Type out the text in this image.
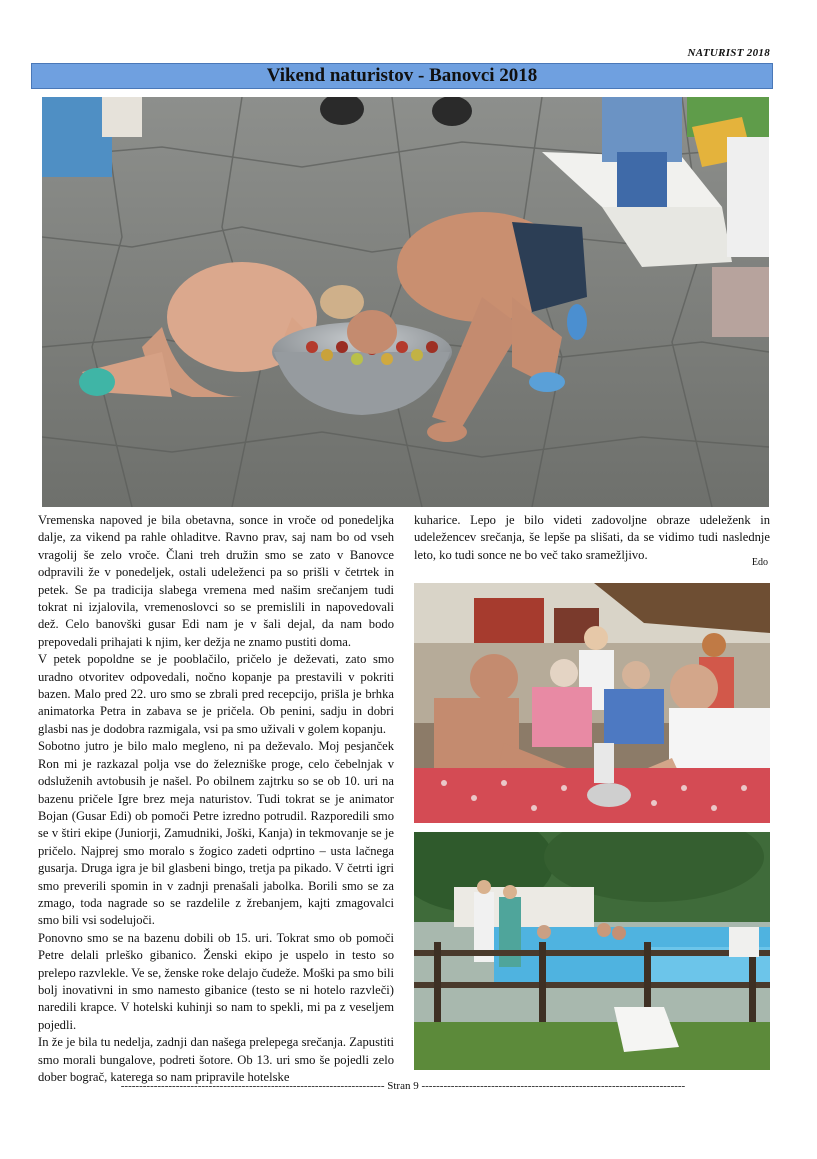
NATURIST 2018
Vikend naturistov - Banovci 2018

Vremenska napoved je bila obetavna, sonce in vroče od ponedeljka dalje, za vikend pa rahle ohladitve. Ravno prav, saj nam bo od vseh vragolij še zelo vroče. Člani treh družin smo se zato v Banovce odpravili že v ponedeljek, ostali udeleženci pa so prišli v četrtek in petek. Se pa tradicija slabega vremena med našim srečanjem tudi tokrat ni izjalovila, vremenoslovci so se premislili in napovedovali dež. Celo banovški gusar Edi nam je v šali dejal, da nam bodo prepovedali prihajati k njim, ker dežja ne znamo pustiti doma.

V petek popoldne se je pooblačilo, pričelo je deževati, zato smo uradno otvoritev odpovedali, nočno kopanje pa prestavili v pokriti bazen. Malo pred 22. uro smo se zbrali pred recepcijo, prišla je brhka animatorka Petra in zabava se je pričela. Ob penini, sadju in dobri glasbi nas je dodobra razmigala, vsi pa smo uživali v golem kopanju.

Sobotno jutro je bilo malo megleno, ni pa deževalo. Moj pesjanček Ron mi je razkazal polja vse do železniške proge, celo čebelnjak v odsluženih avtobusih je našel. Po obilnem zajtrku so se ob 10. uri na bazenu pričele Igre brez meja naturistov. Tudi tokrat se je animator Bojan (Gusar Edi) ob pomoči Petre izredno potrudil. Razporedili smo se v štiri ekipe (Juniorji, Zamudniki, Joški, Kanja) in tekmovanje se je pričelo. Najprej smo moralo s žogico zadeti odprtino – usta lačnega gusarja. Druga igra je bil glasbeni bingo, tretja pa pikado. V četrti igri smo preverili spomin in v zadnji prenašali jabolka. Borili smo se za zmago, toda nagrade so se razdelile z žrebanjem, kajti zmagovalci smo bili vsi sodelujoči.

Ponovno smo se na bazenu dobili ob 15. uri. Tokrat smo ob pomoči Petre delali prleško gibanico. Ženski ekipo je uspelo in testo so prelepo razvlekle. Ve se, ženske roke delajo čudeže. Moški pa smo bili bolj inovativni in smo namesto gibanice (testo se ni hotelo razvleči) naredili krapce. V hotelski kuhinji so nam to spekli, mi pa z veseljem pojedli.

In že je bila tu nedelja, zadnji dan našega prelepega srečanja. Zapustiti smo morali bungalove, podreti šotore. Ob 13. uri smo še pojedli zelo dober bograč, katerega so nam pripravile hotelske

kuharice. Lepo je bilo videti zadovoljne obraze udeleženk in udeležencev srečanja, še lepše pa slišati, da se vidimo tudi naslednje leto, ko tudi sonce ne bo več tako sramežljivo.

Edo
------------------------------------------------------------------------ Stran 9 ------------------------------------------------------------------------
